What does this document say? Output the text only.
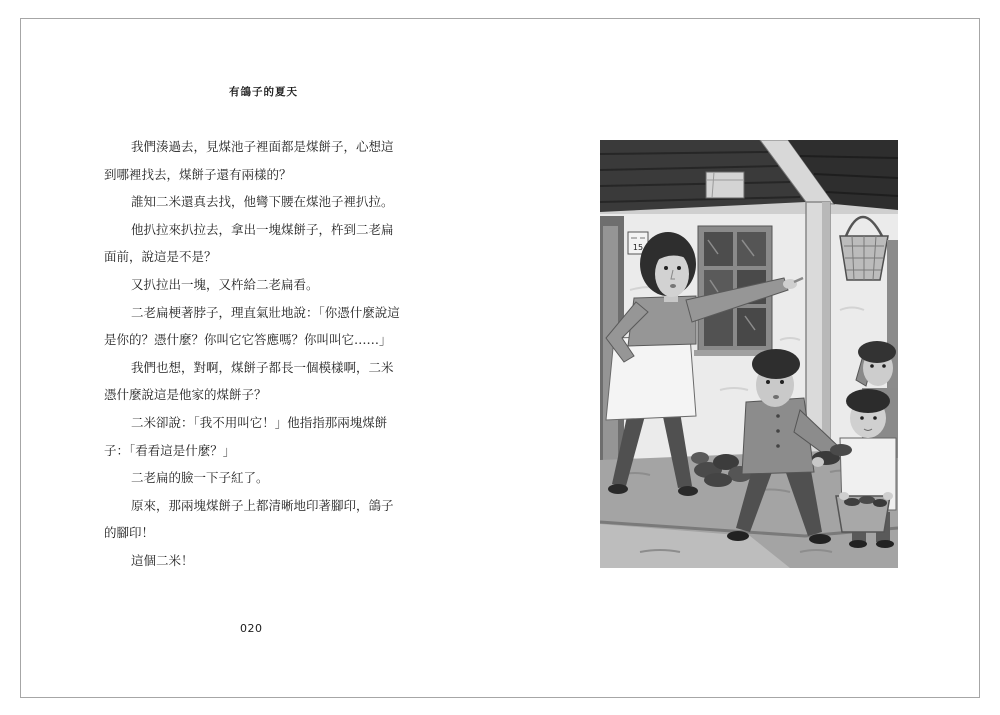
有鴿子的夏天
我們湊過去，見煤池子裡面都是煤餅子，心想這
到哪裡找去，煤餅子還有兩樣的？
誰知二米還真去找，他彎下腰在煤池子裡扒拉。
他扒拉來扒拉去，拿出一塊煤餅子，杵到二老扁
面前，說這是不是？
又扒拉出一塊，又杵給二老扁看。
二老扁梗著脖子，理直氣壯地說：「你憑什麼說這
是你的？憑什麼？你叫它它答應嗎？你叫叫它……」
我們也想，對啊，煤餅子都長一個模樣啊，二米
憑什麼說這是他家的煤餅子？
二米卻說：「我不用叫它！」他指指那兩塊煤餅
子：「看看這是什麼？」
二老扁的臉一下子紅了。
原來，那兩塊煤餅子上都清晰地印著腳印，鴿子
的腳印！
這個二米！
020
15
